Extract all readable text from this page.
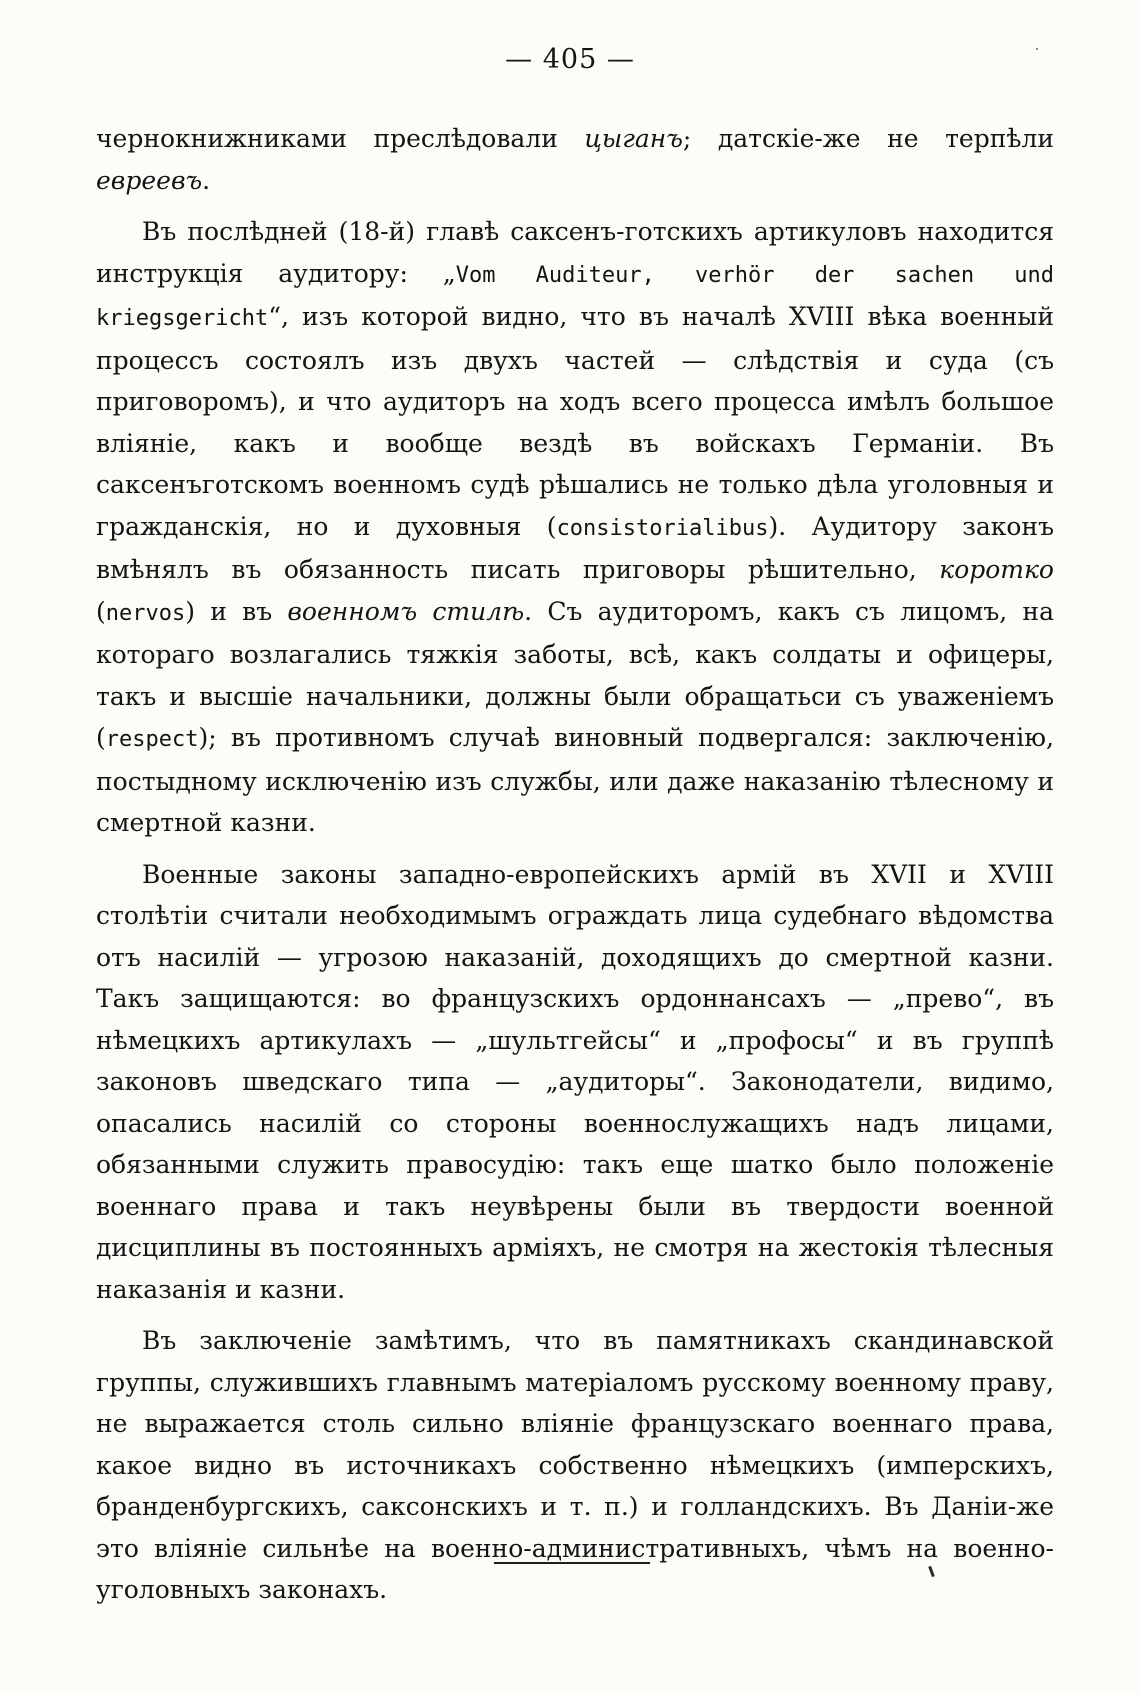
— 405 —

чернокнижниками преслѣдовали цыганъ; датскіе-же не терпѣли евреевъ.

Въ послѣдней (18-й) главѣ саксенъ-готскихъ артикуловъ находится инструкція аудитору: „Vom Auditeur, verhör der sachen und kriegsgericht“, изъ которой видно, что въ началѣ XVIII вѣка военный процессъ состоялъ изъ двухъ частей — слѣдствія и суда (съ приговоромъ), и что аудиторъ на ходъ всего процесса имѣлъ большое вліяніе, какъ и вообще вездѣ въ войскахъ Германіи. Въ саксенъготскомъ военномъ судѣ рѣшались не только дѣла уголовныя и гражданскія, но и духовныя (consistorialibus). Аудитору законъ вмѣнялъ въ обязанность писать приговоры рѣшительно, коротко (nervos) и въ военномъ стилѣ. Съ аудиторомъ, какъ съ лицомъ, на котораго возлагались тяжкія заботы, всѣ, какъ солдаты и офицеры, такъ и высшіе начальники, должны были обращатьси съ уваженіемъ (respect); въ противномъ случаѣ виновный подвергался: заключенію, постыдному исключенію изъ службы, или даже наказанію тѣлесному и смертной казни.

Военные законы западно-европейскихъ армій въ XVII и XVIII столѣтіи считали необходимымъ ограждать лица судебнаго вѣдомства отъ насилій — угрозою наказаній, доходящихъ до смертной казни. Такъ защищаются: во французскихъ ордоннансахъ — „прево“, въ нѣмецкихъ артикулахъ — „шультгейсы“ и „профосы“ и въ группѣ законовъ шведскаго типа — „аудиторы“. Законодатели, видимо, опасались насилій со стороны военнослужащихъ надъ лицами, обязанными служить правосудію: такъ еще шатко было положеніе военнаго права и такъ неувѣрены были въ твердости военной дисциплины въ постоянныхъ арміяхъ, не смотря на жестокія тѣлесныя наказанія и казни.

Въ заключеніе замѣтимъ, что въ памятникахъ скандинавской группы, служившихъ главнымъ матеріаломъ русскому военному праву, не выражается столь сильно вліяніе французскаго военнаго права, какое видно въ источникахъ собственно нѣмецкихъ (имперскихъ, бранденбургскихъ, саксонскихъ и т. п.) и голландскихъ. Въ Даніи-же это вліяніе сильнѣе на военно-административныхъ, чѣмъ на военно-уголовныхъ законахъ.
